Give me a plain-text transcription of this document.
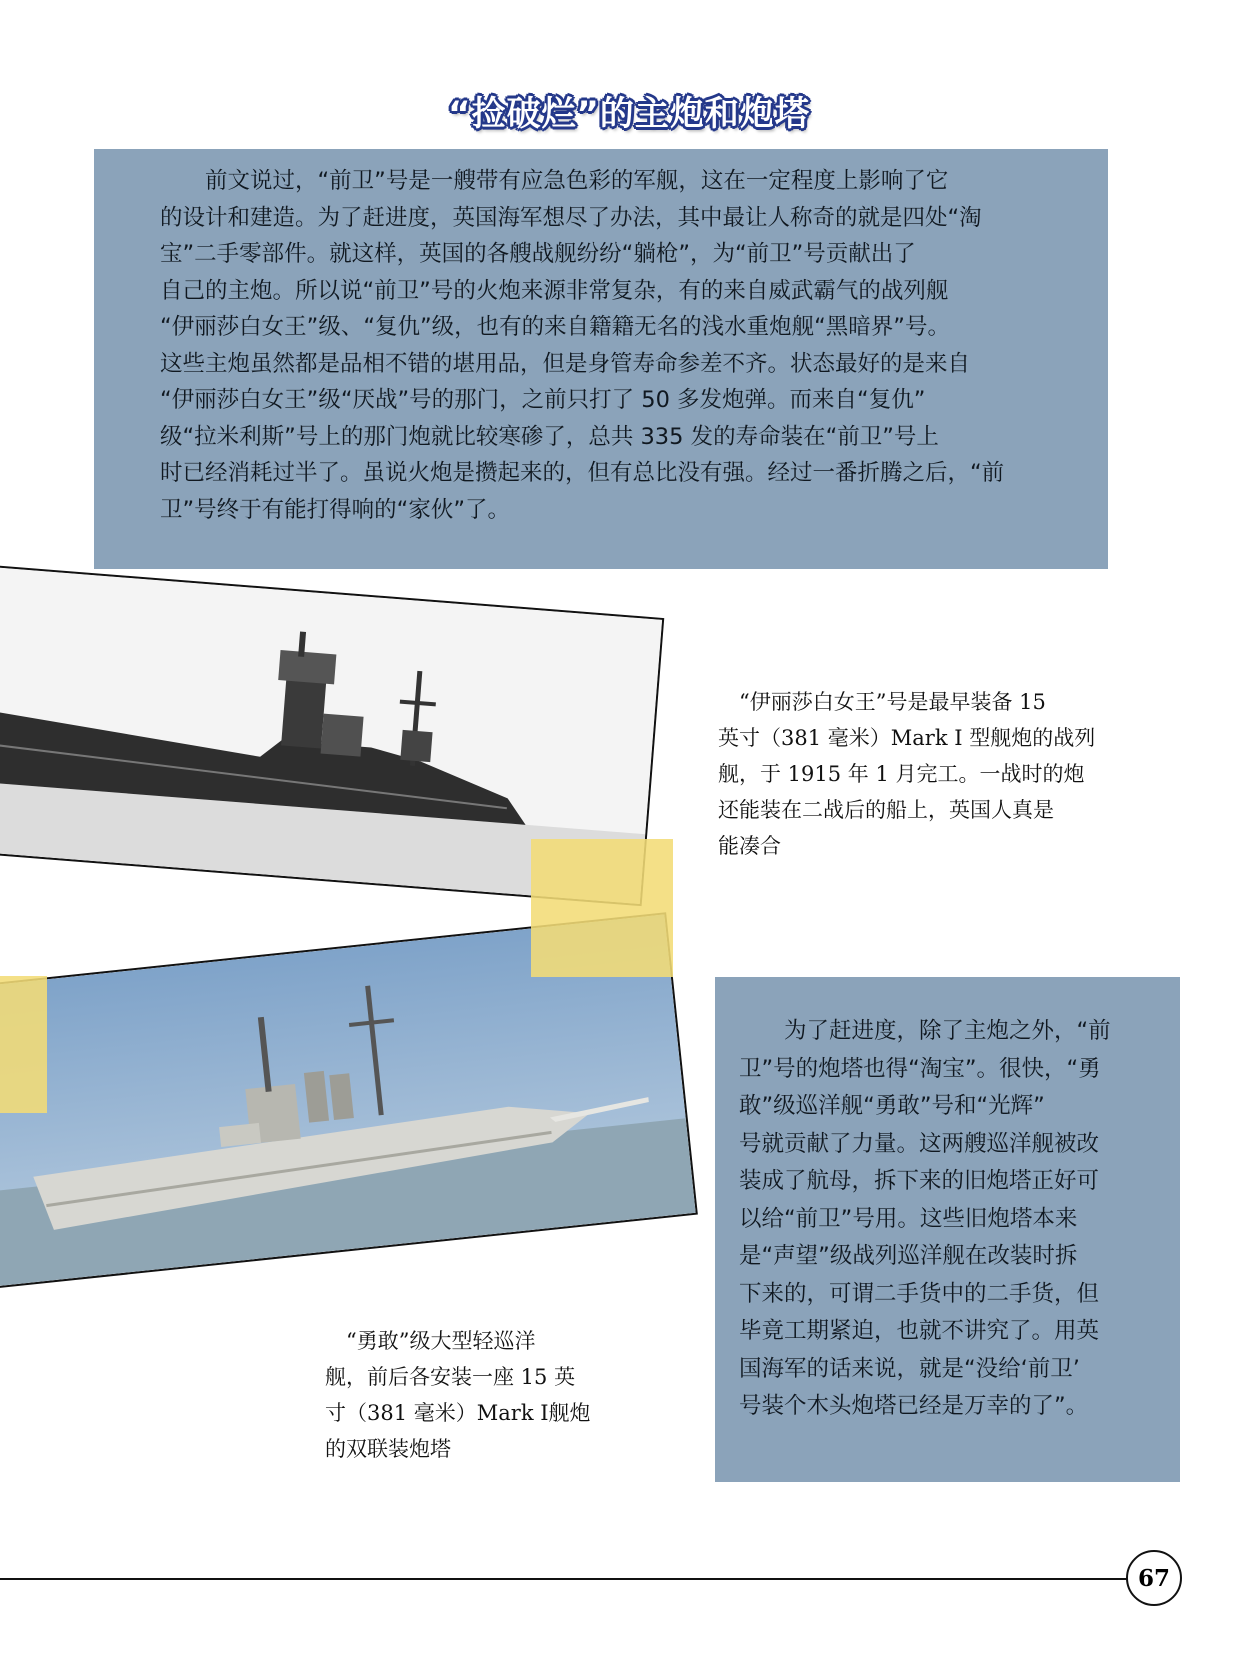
“捡破烂”的主炮和炮塔
　　前文说过，“前卫”号是一艘带有应急色彩的军舰，这在一定程度上影响了它
的设计和建造。为了赶进度，英国海军想尽了办法，其中最让人称奇的就是四处“淘
宝”二手零部件。就这样，英国的各艘战舰纷纷“躺枪”，为“前卫”号贡献出了
自己的主炮。所以说“前卫”号的火炮来源非常复杂，有的来自威武霸气的战列舰
“伊丽莎白女王”级、“复仇”级，也有的来自籍籍无名的浅水重炮舰“黑暗界”号。
这些主炮虽然都是品相不错的堪用品，但是身管寿命参差不齐。状态最好的是来自
“伊丽莎白女王”级“厌战”号的那门，之前只打了 50 多发炮弹。而来自“复仇”
级“拉米利斯”号上的那门炮就比较寒碜了，总共 335 发的寿命装在“前卫”号上
时已经消耗过半了。虽说火炮是攒起来的，但有总比没有强。经过一番折腾之后，“前
卫”号终于有能打得响的“家伙”了。
　“伊丽莎白女王”号是最早装备 15
英寸（381 毫米）Mark I 型舰炮的战列
舰，于 1915 年 1 月完工。一战时的炮
还能装在二战后的船上，英国人真是
能凑合
　“勇敢”级大型轻巡洋
舰，前后各安装一座 15 英
寸（381 毫米）Mark Ⅰ舰炮
的双联装炮塔
　　为了赶进度，除了主炮之外，“前
卫”号的炮塔也得“淘宝”。很快，“勇
敢”级巡洋舰“勇敢”号和“光辉”
号就贡献了力量。这两艘巡洋舰被改
装成了航母，拆下来的旧炮塔正好可
以给“前卫”号用。这些旧炮塔本来
是“声望”级战列巡洋舰在改装时拆
下来的，可谓二手货中的二手货，但
毕竟工期紧迫，也就不讲究了。用英
国海军的话来说，就是“没给‘前卫’
号装个木头炮塔已经是万幸的了”。
67
